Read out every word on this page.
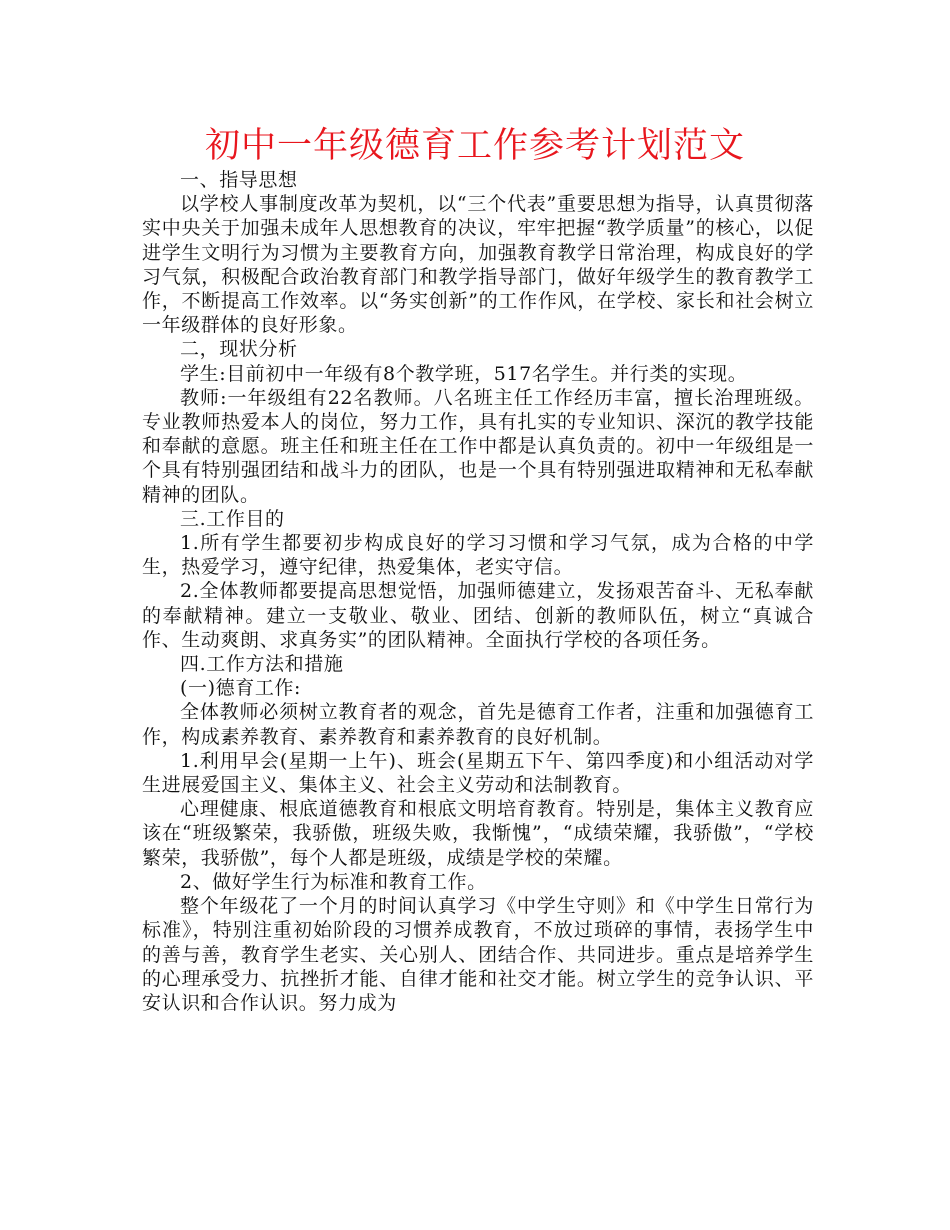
初中一年级德育工作参考计划范文

一、指导思想

以学校人事制度改革为契机，以“三个代表”重要思想为指导，认真贯彻落实中央关于加强未成年人思想教育的决议，牢牢把握“教学质量”的核心，以促进学生文明行为习惯为主要教育方向，加强教育教学日常治理，构成良好的学习气氛，积极配合政治教育部门和教学指导部门，做好年级学生的教育教学工作，不断提高工作效率。以“务实创新”的工作作风，在学校、家长和社会树立一年级群体的良好形象。

二，现状分析

学生:目前初中一年级有8个教学班，517名学生。并行类的实现。

教师:一年级组有22名教师。八名班主任工作经历丰富，擅长治理班级。专业教师热爱本人的岗位，努力工作，具有扎实的专业知识、深沉的教学技能和奉献的意愿。班主任和班主任在工作中都是认真负责的。初中一年级组是一个具有特别强团结和战斗力的团队，也是一个具有特别强进取精神和无私奉献精神的团队。

三.工作目的

1.所有学生都要初步构成良好的学习习惯和学习气氛，成为合格的中学生，热爱学习，遵守纪律，热爱集体，老实守信。

2.全体教师都要提高思想觉悟，加强师德建立，发扬艰苦奋斗、无私奉献的奉献精神。建立一支敬业、敬业、团结、创新的教师队伍，树立“真诚合作、生动爽朗、求真务实”的团队精神。全面执行学校的各项任务。

四.工作方法和措施

(一)德育工作:

全体教师必须树立教育者的观念，首先是德育工作者，注重和加强德育工作，构成素养教育、素养教育和素养教育的良好机制。

1.利用早会(星期一上午)、班会(星期五下午、第四季度)和小组活动对学生进展爱国主义、集体主义、社会主义劳动和法制教育。

心理健康、根底道德教育和根底文明培育教育。特别是，集体主义教育应该在“班级繁荣，我骄傲，班级失败，我惭愧”，“成绩荣耀，我骄傲”，“学校繁荣，我骄傲”，每个人都是班级，成绩是学校的荣耀。

2、做好学生行为标准和教育工作。

整个年级花了一个月的时间认真学习《中学生守则》和《中学生日常行为标准》，特别注重初始阶段的习惯养成教育，不放过琐碎的事情，表扬学生中的善与善，教育学生老实、关心别人、团结合作、共同进步。重点是培养学生的心理承受力、抗挫折才能、自律才能和社交才能。树立学生的竞争认识、平安认识和合作认识。努力成为
